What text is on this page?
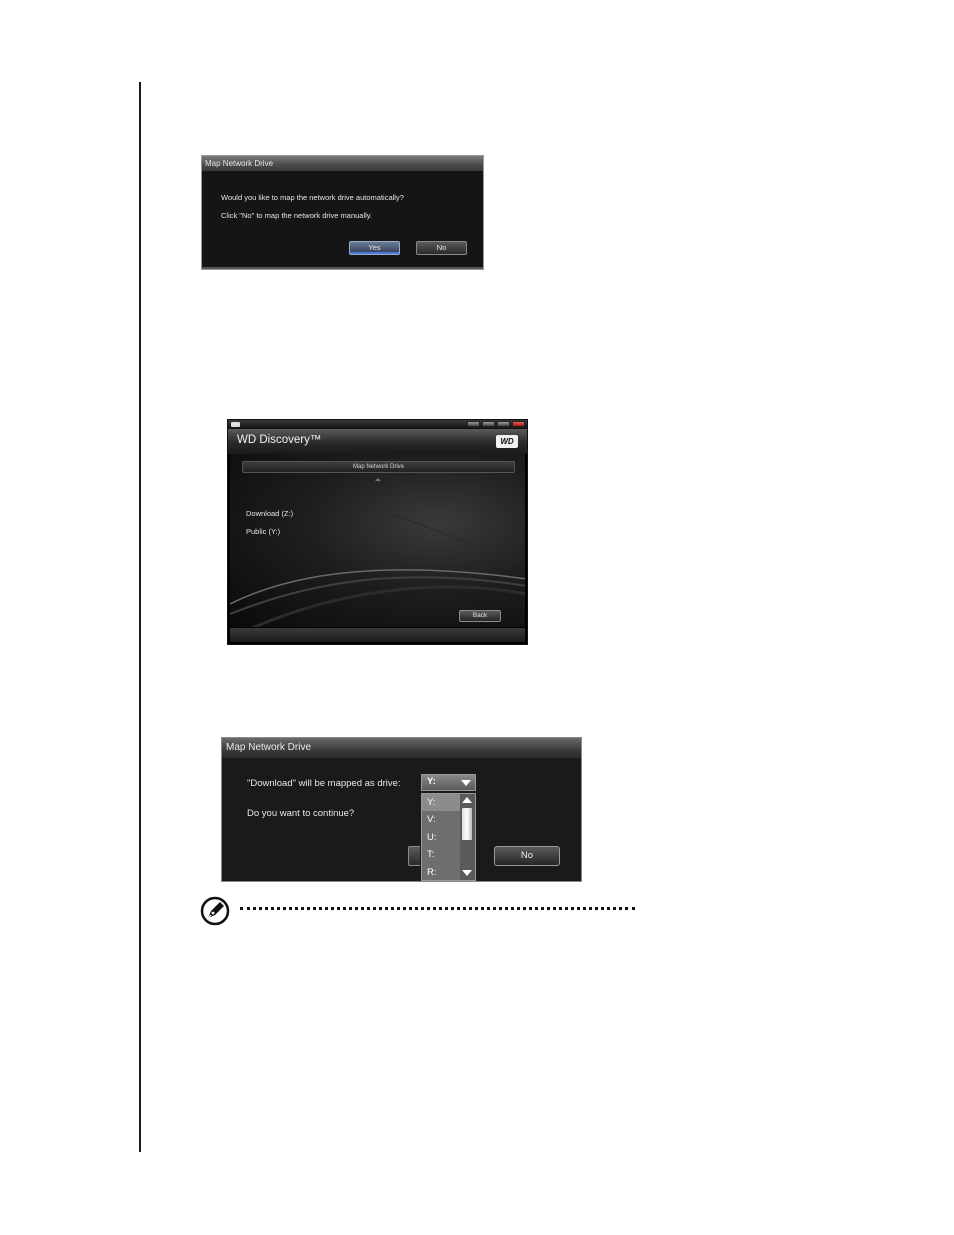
Map Network Drive
Would you like to map the network drive automatically?
Click "No" to map the network drive manually.
Yes	No
WD Discovery™	WD
Map Network Drive
Download (Z:)
Public (Y:)
Back
Map Network Drive
"Download" will be mapped as drive:
Do you want to continue?
Y:
Y:
V:
U:
T:
R:
No
